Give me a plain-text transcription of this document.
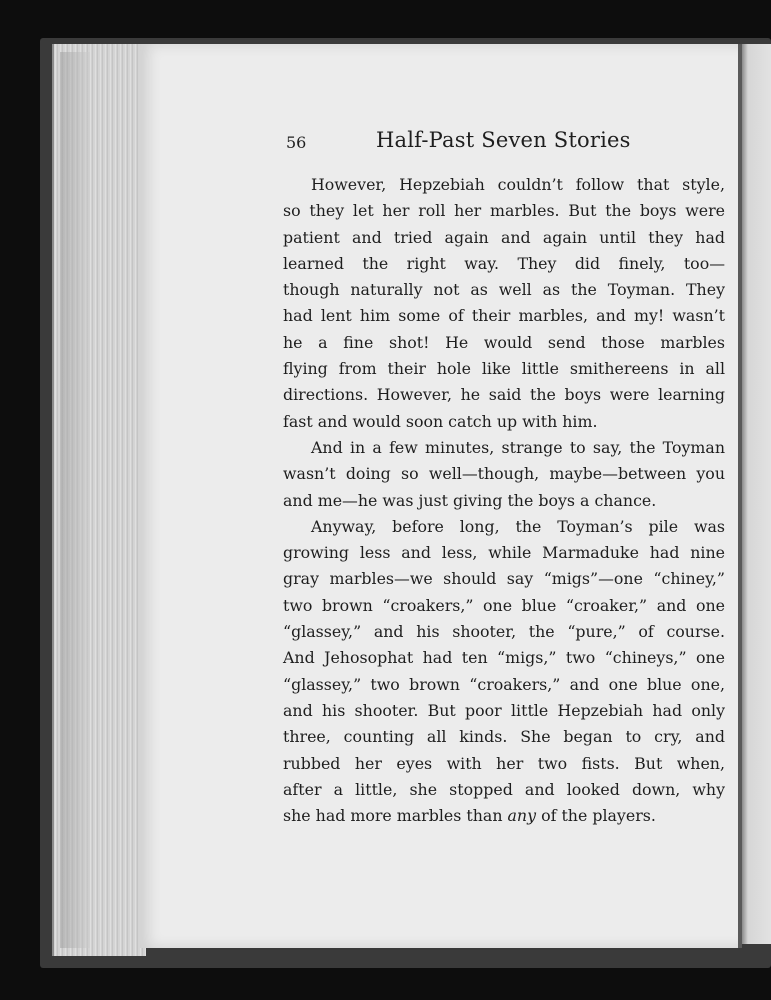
56	Half-Past Seven Stories
However, Hepzebiah couldn’t follow that style,
so they let her roll her marbles. But the boys were
patient and tried again and again until they had
learned the right way. They did finely, too—
though naturally not as well as the Toyman. They
had lent him some of their marbles, and my! wasn’t
he a fine shot! He would send those marbles
flying from their hole like little smithereens in all
directions. However, he said the boys were learning
fast and would soon catch up with him.
And in a few minutes, strange to say, the Toyman
wasn’t doing so well—though, maybe—between you
and me—he was just giving the boys a chance.
Anyway, before long, the Toyman’s pile was
growing less and less, while Marmaduke had nine
gray marbles—we should say “migs”—one “chiney,”
two brown “croakers,” one blue “croaker,” and one
“glassey,” and his shooter, the “pure,” of course.
And Jehosophat had ten “migs,” two “chineys,” one
“glassey,” two brown “croakers,” and one blue one,
and his shooter. But poor little Hepzebiah had only
three, counting all kinds. She began to cry, and
rubbed her eyes with her two fists. But when,
after a little, she stopped and looked down, why
she had more marbles than any of the players.
